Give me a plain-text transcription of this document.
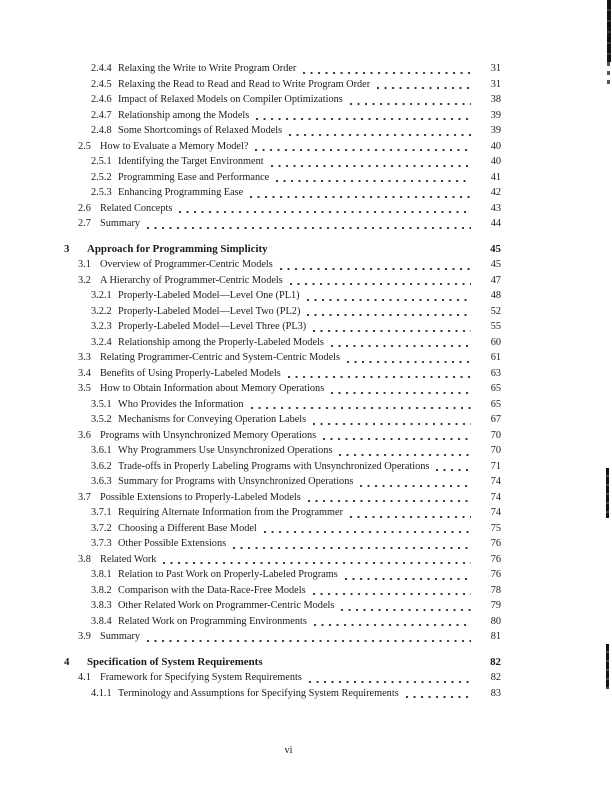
2.4.4 Relaxing the Write to Write Program Order	31
2.4.5 Relaxing the Read to Read and Read to Write Program Order	31
2.4.6 Impact of Relaxed Models on Compiler Optimizations	38
2.4.7 Relationship among the Models	39
2.4.8 Some Shortcomings of Relaxed Models	39
2.5 How to Evaluate a Memory Model?	40
2.5.1 Identifying the Target Environment	40
2.5.2 Programming Ease and Performance	41
2.5.3 Enhancing Programming Ease	42
2.6 Related Concepts	43
2.7 Summary	44
3	Approach for Programming Simplicity	45
3.1 Overview of Programmer-Centric Models	45
3.2 A Hierarchy of Programmer-Centric Models	47
3.2.1 Properly-Labeled Model—Level One (PL1)	48
3.2.2 Properly-Labeled Model—Level Two (PL2)	52
3.2.3 Properly-Labeled Model—Level Three (PL3)	55
3.2.4 Relationship among the Properly-Labeled Models	60
3.3 Relating Programmer-Centric and System-Centric Models	61
3.4 Benefits of Using Properly-Labeled Models	63
3.5 How to Obtain Information about Memory Operations	65
3.5.1 Who Provides the Information	65
3.5.2 Mechanisms for Conveying Operation Labels	67
3.6 Programs with Unsynchronized Memory Operations	70
3.6.1 Why Programmers Use Unsynchronized Operations	70
3.6.2 Trade-offs in Properly Labeling Programs with Unsynchronized Operations	71
3.6.3 Summary for Programs with Unsynchronized Operations	74
3.7 Possible Extensions to Properly-Labeled Models	74
3.7.1 Requiring Alternate Information from the Programmer	74
3.7.2 Choosing a Different Base Model	75
3.7.3 Other Possible Extensions	76
3.8 Related Work	76
3.8.1 Relation to Past Work on Properly-Labeled Programs	76
3.8.2 Comparison with the Data-Race-Free Models	78
3.8.3 Other Related Work on Programmer-Centric Models	79
3.8.4 Related Work on Programming Environments	80
3.9 Summary	81
4	Specification of System Requirements	82
4.1 Framework for Specifying System Requirements	82
4.1.1 Terminology and Assumptions for Specifying System Requirements	83
vi
